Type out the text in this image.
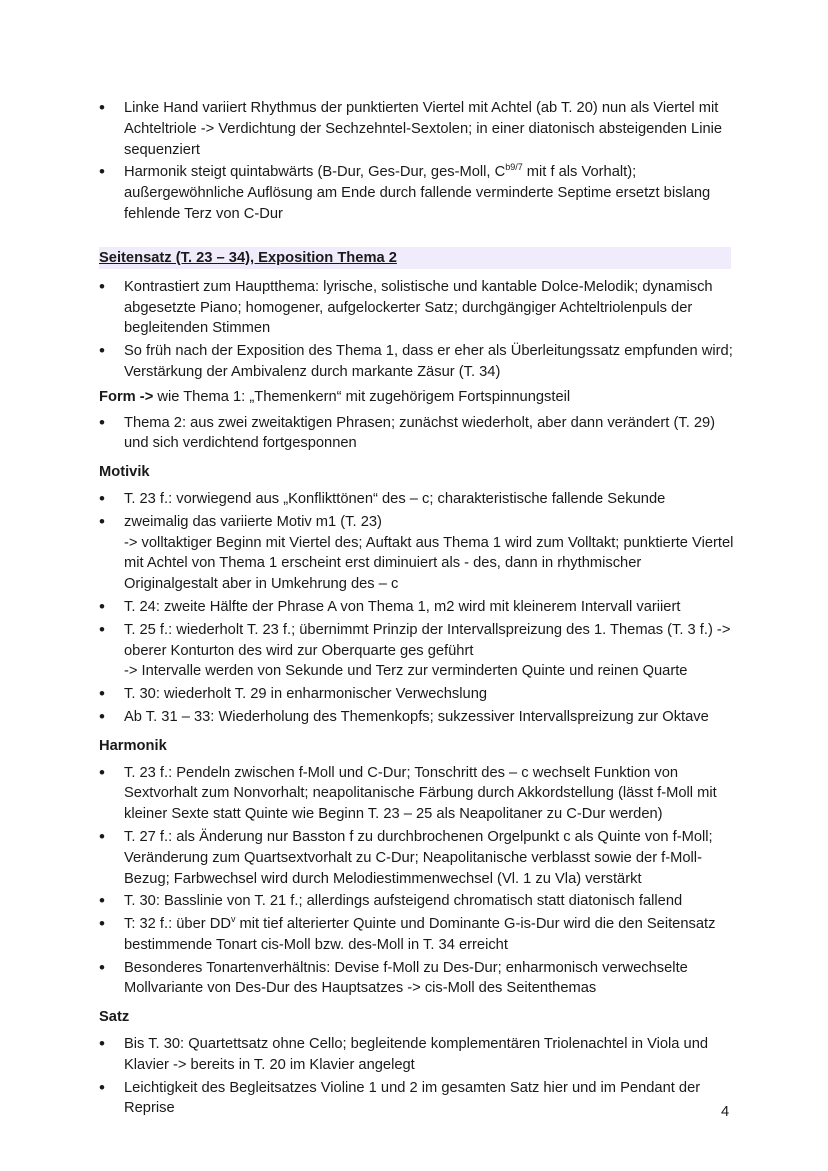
• Linke Hand variiert Rhythmus der punktierten Viertel mit Achtel (ab T. 20) nun als Viertel mit Achteltriole -> Verdichtung der Sechzehntel-Sextolen; in einer diatonisch absteigenden Linie sequenziert
• Harmonik steigt quintabwärts (B-Dur, Ges-Dur, ges-Moll, $C^{b9/7}$ mit f als Vorhalt); außergewöhnliche Auflösung am Ende durch fallende verminderte Septime ersetzt bislang fehlende Terz von C-Dur
Seitensatz (T. 23 – 34), Exposition Thema 2
• Kontrastiert zum Hauptthema: lyrische, solistische und kantable Dolce-Melodik; dynamisch abgesetzte Piano; homogener, aufgelockerter Satz; durchgängiger Achteltriolenpuls der begleitenden Stimmen
• So früh nach der Exposition des Thema 1, dass er eher als Überleitungssatz empfunden wird; Verstärkung der Ambivalenz durch markante Zäsur (T. 34)
Form -> wie Thema 1: „Themenkern“ mit zugehörigem Fortspinnungsteil
• Thema 2: aus zwei zweitaktigen Phrasen; zunächst wiederholt, aber dann verändert (T. 29) und sich verdichtend fortgesponnen
Motivik
• T. 23 f.: vorwiegend aus „Konflikttönen“ des – c; charakteristische fallende Sekunde
• zweimalig das variierte Motiv m1 (T. 23)
-> volltaktiger Beginn mit Viertel des; Auftakt aus Thema 1 wird zum Volltakt; punktierte Viertel mit Achtel von Thema 1 erscheint erst diminuiert als - des, dann in rhythmischer Originalgestalt aber in Umkehrung des – c
• T. 24: zweite Hälfte der Phrase A von Thema 1, m2 wird mit kleinerem Intervall variiert
• T. 25 f.: wiederholt T. 23 f.; übernimmt Prinzip der Intervallspreizung des 1. Themas (T. 3 f.) -> oberer Konturton des wird zur Oberquarte ges geführt
-> Intervalle werden von Sekunde und Terz zur verminderten Quinte und reinen Quarte
• T. 30: wiederholt T. 29 in enharmonischer Verwechslung
• Ab T. 31 – 33: Wiederholung des Themenkopfs; sukzessiver Intervallspreizung zur Oktave
Harmonik
• T. 23 f.: Pendeln zwischen f-Moll und C-Dur; Tonschritt des – c wechselt Funktion von Sextvorhalt zum Nonvorhalt; neapolitanische Färbung durch Akkordstellung (lässt f-Moll mit kleiner Sexte statt Quinte wie Beginn T. 23 – 25 als Neapolitaner zu C-Dur werden)
• T. 27 f.: als Änderung nur Basston f zu durchbrochenen Orgelpunkt c als Quinte von f-Moll; Veränderung zum Quartsextvorhalt zu C-Dur; Neapolitanische verblasst sowie der f-Moll-Bezug; Farbwechsel wird durch Melodiestimmenwechsel (Vl. 1 zu Vla) verstärkt
• T. 30: Basslinie von T. 21 f.; allerdings aufsteigend chromatisch statt diatonisch fallend
• T: 32 f.: über $DD^v$ mit tief alterierter Quinte und Dominante G-is-Dur wird die den Seitensatz bestimmende Tonart cis-Moll bzw. des-Moll in T. 34 erreicht
• Besonderes Tonartenverhältnis: Devise f-Moll zu Des-Dur; enharmonisch verwechselte Mollvariante von Des-Dur des Hauptsatzes -> cis-Moll des Seitenthemas
Satz
• Bis T. 30: Quartettsatz ohne Cello; begleitende komplementären Triolenachtel in Viola und Klavier -> bereits in T. 20 im Klavier angelegt
• Leichtigkeit des Begleitsatzes Violine 1 und 2 im gesamten Satz hier und im Pendant der Reprise	4
